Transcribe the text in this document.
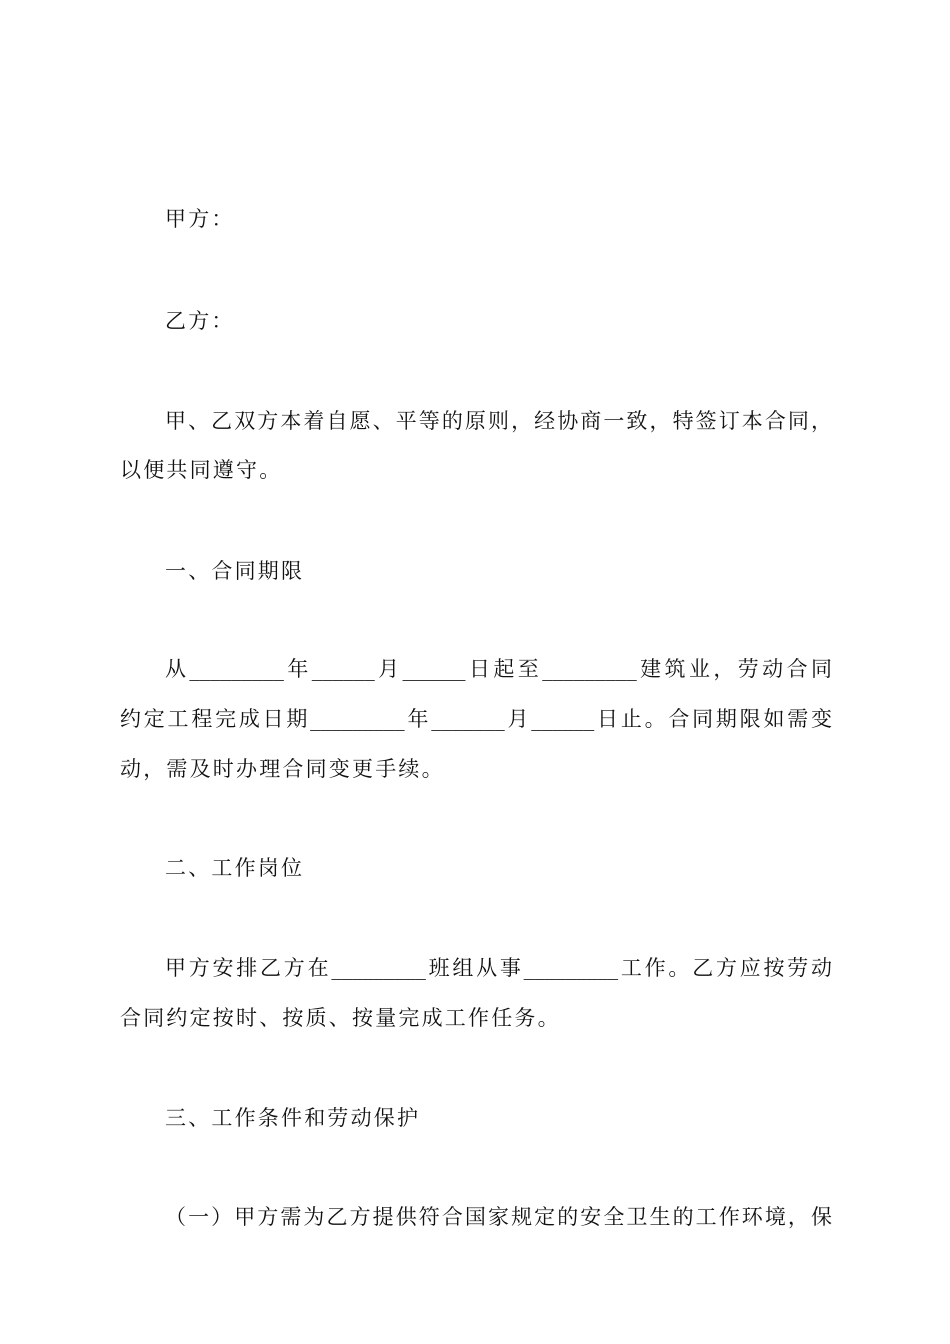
甲方：
乙方：
甲、乙双方本着自愿、平等的原则，经协商一致，特签订本合同，
以便共同遵守。
一、合同期限
从_________年______月______日起至_________建筑业，劳动合同
约定工程完成日期_________年_______月______日止。合同期限如需变
动，需及时办理合同变更手续。
二、工作岗位
甲方安排乙方在_________班组从事_________工作。乙方应按劳动
合同约定按时、按质、按量完成工作任务。
三、工作条件和劳动保护
（一）甲方需为乙方提供符合国家规定的安全卫生的工作环境，保
